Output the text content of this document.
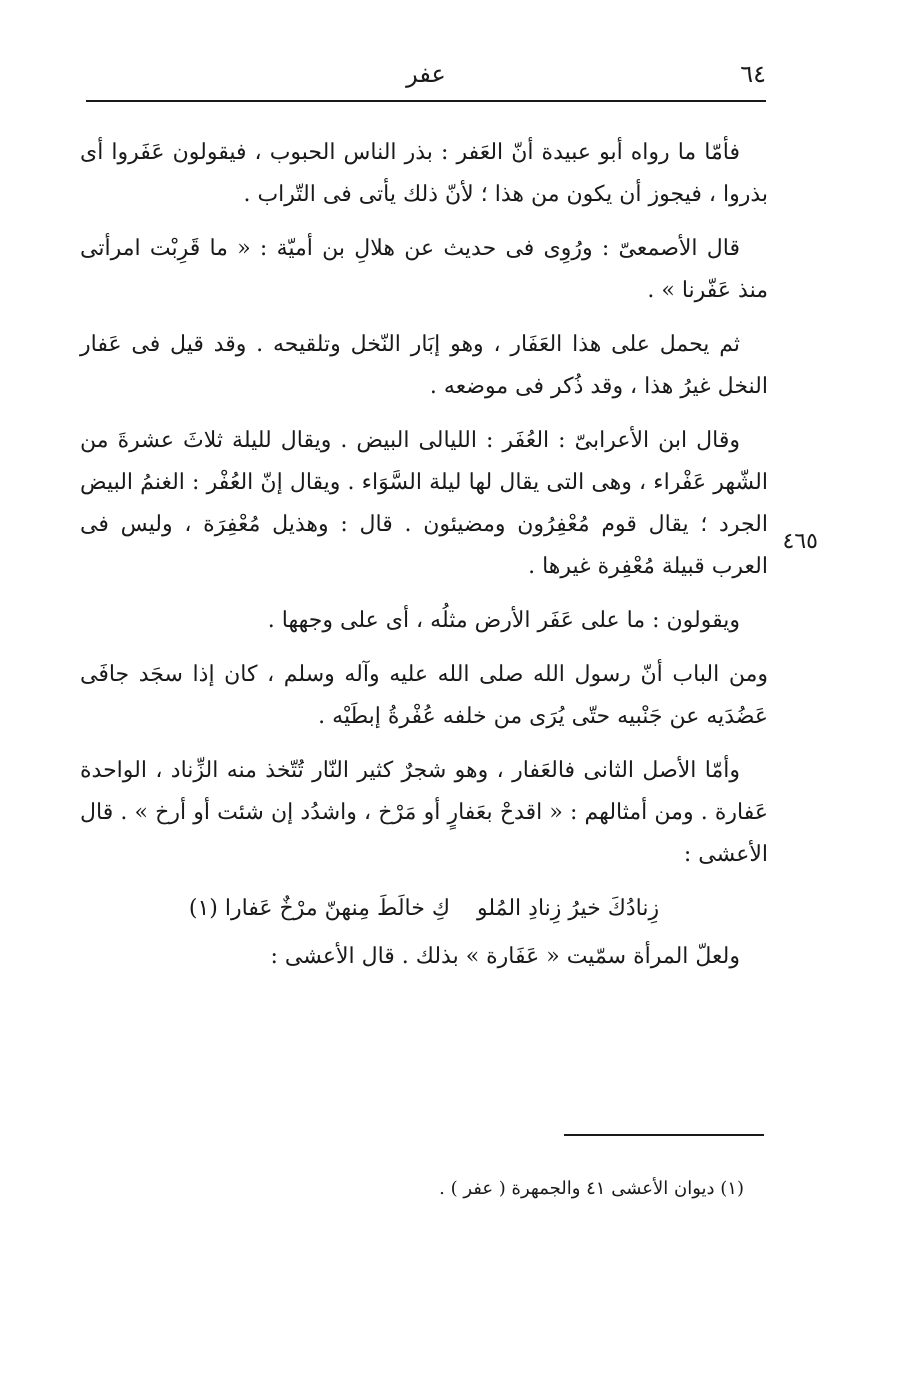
٦٤
عفر
٤٦٥

فأمّا ما رواه أبو عبيدة أنّ العَفر : بذر الناس الحبوب ، فيقولون عَفَروا أى بذروا ، فيجوز أن يكون من هذا ؛ لأنّ ذلك يأتى فى التّراب .

قال الأصمعىّ : ورُوِى فى حديث عن هلالِ بن أميّة : « ما قَرِبْت امرأتى منذ عَفّرنا » .

ثم يحمل على هذا العَفَار ، وهو إبَار النّخل وتلقيحه . وقد قيل فى عَفار النخل غيرُ هذا ، وقد ذُكر فى موضعه .

وقال ابن الأعرابىّ : العُفَر : الليالى البيض . ويقال لليلة ثلاثَ عشرةَ من الشّهر عَفْراء ، وهى التى يقال لها ليلة السَّوَاء . ويقال إنّ العُفْر : الغنمُ البيض الجرد ؛ يقال قوم مُعْفِرُون ومضيئون . قال : وهذيل مُعْفِرَة ، وليس فى العرب قبيلة مُعْفِرة غيرها .

ويقولون : ما على عَفَر الأرض مثلُه ، أى على وجهها .

ومن الباب أنّ رسول الله صلى الله عليه وآله وسلم ، كان إذا سجَد جافَى عَضُدَيه عن جَنْبيه حتّى يُرَى من خلفه عُفْرةُ إبطَيْه .

وأمّا الأصل الثانى فالعَفار ، وهو شجرٌ كثير النّار تُتّخذ منه الزِّناد ، الواحدة عَفارة . ومن أمثالهم : « اقدحْ بعَفارٍ أو مَرْخ ، واشدُد إن شئت أو أرخ » . قال الأعشى :

زِنادُكَ خيرُ زِنادِ المُلو كِ خالَطَ مِنهنّ مرْخٌ عَفارا (١)

ولعلّ المرأة سمّيت « عَفَارة » بذلك . قال الأعشى :

(١) ديوان الأعشى ٤١ والجمهرة ( عفر ) .
